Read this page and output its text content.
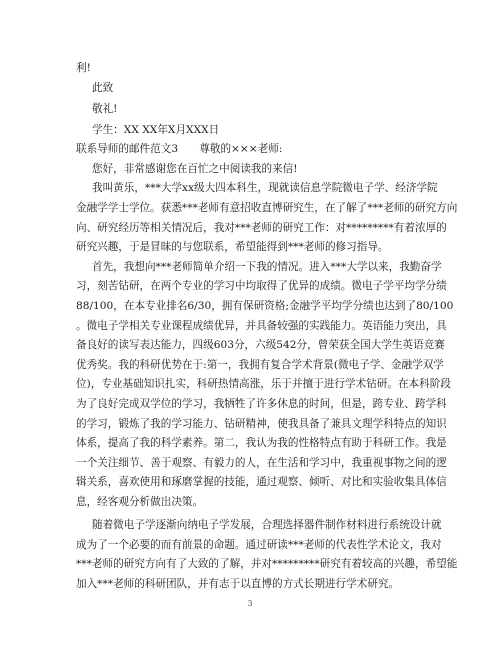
利!
此致
敬礼!
学生：XX XX年X月XXX日
联系导师的邮件范文3　　尊敬的×××老师:
您好，非常感谢您在百忙之中阅读我的来信!
我叫黄乐，***大学xx级大四本科生，现就读信息学院微电子学、经济学院
金融学学士学位。获悉***老师有意招收直博研究生，在了解了***老师的研究方向
向、研究经历等相关情况后，我对***老师的研究工作：对*********有着浓厚的
研究兴趣，于是冒昧的与您联系，希望能得到***老师的修习指导。
首先，我想向***老师简单介绍一下我的情况。进入***大学以来，我勤奋学
习，刻苦钻研，在两个专业的学习中均取得了优异的成绩。微电子学平均学分绩
88/100，在本专业排名6/30，拥有保研资格;金融学平均学分绩也达到了80/100
。微电子学相关专业课程成绩优异，并具备较强的实践能力。英语能力突出，具
备良好的读写表达能力，四级603分，六级542分，曾荣获全国大学生英语竞赛
优秀奖。我的科研优势在于:第一，我拥有复合学术背景(微电子学、金融学双学
位)，专业基础知识扎实，科研热情高涨，乐于并擅于进行学术钻研。在本科阶段
为了良好完成双学位的学习，我牺牲了许多休息的时间，但是，跨专业、跨学科
的学习，锻炼了我的学习能力、钻研精神，使我具备了兼具文理学科特点的知识
体系，提高了我的科学素养。第二，我认为我的性格特点有助于科研工作。我是
一个关注细节、善于观察、有毅力的人，在生活和学习中，我重视事物之间的逻
辑关系，喜欢使用和琢磨掌握的技能，通过观察、倾听、对比和实验收集具体信
息，经客观分析做出决策。
随着微电子学逐渐向纳电子学发展，合理选择器件制作材料进行系统设计就
成为了一个必要的而有前景的命题。通过研读***老师的代表性学术论文，我对
***老师的研究方向有了大致的了解，并对*********研究有着较高的兴趣，希望能
加入***老师的科研团队，并有志于以直博的方式长期进行学术研究。
3
